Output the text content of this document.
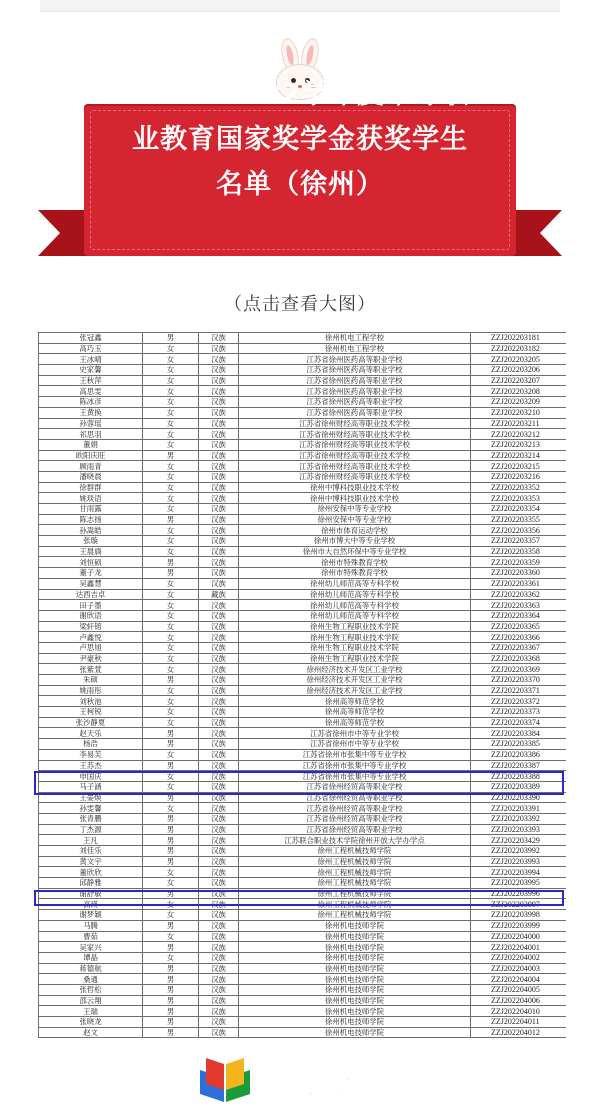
2021-2022学年度中等职
业教育国家奖学金获奖学生
名单（徐州）
（点击查看大图）
张冠鑫	男	汉族	徐州机电工程学校	ZZJ202203181
高巧玉	女	汉族	徐州机电工程学校	ZZJ202203182
王冰晴	女	汉族	江苏省徐州医药高等职业学校	ZZJ202203205
史家馨	女	汉族	江苏省徐州医药高等职业学校	ZZJ202203206
王秋萍	女	汉族	江苏省徐州医药高等职业学校	ZZJ202203207
高思雯	女	汉族	江苏省徐州医药高等职业学校	ZZJ202203208
陈冰彦	女	汉族	江苏省徐州医药高等职业学校	ZZJ202203209
王黄换	女	汉族	江苏省徐州医药高等职业学校	ZZJ202203210
孙蓉瑶	女	汉族	江苏省徐州财经高等职业技术学校	ZZJ202203211
祁思羽	女	汉族	江苏省徐州财经高等职业技术学校	ZZJ202203212
董娟	女	汉族	江苏省徐州财经高等职业技术学校	ZZJ202203213
欧阳庆旺	男	汉族	江苏省徐州财经高等职业技术学校	ZZJ202203214
顾雨青	女	汉族	江苏省徐州财经高等职业技术学校	ZZJ202203215
潘晓晨	女	汉族	江苏省徐州财经高等职业技术学校	ZZJ202203216
徐群群	女	汉族	徐州中博科技职业技术学校	ZZJ202203352
姚琰语	女	汉族	徐州中博科技职业技术学校	ZZJ202203353
甘雨露	女	汉族	徐州安保中等专业学校	ZZJ202203354
陈志扬	男	汉族	徐州安保中等专业学校	ZZJ202203355
孙嵩皓	女	汉族	徐州市体育运动学校	ZZJ202203356
张璇	女	汉族	徐州市博大中等专业学校	ZZJ202203357
王晨旖	女	汉族	徐州市大自然环保中等专业学校	ZZJ202203358
刘恒硕	男	汉族	徐州市特殊教育学校	ZZJ202203359
董子龙	男	汉族	徐州市特殊教育学校	ZZJ202203360
吴鑫慧	女	汉族	徐州幼儿师范高等专科学校	ZZJ202203361
达西吉卓	女	藏族	徐州幼儿师范高等专科学校	ZZJ202203362
田子墨	女	汉族	徐州幼儿师范高等专科学校	ZZJ202203363
谢欣语	女	汉族	徐州幼儿师范高等专科学校	ZZJ202203364
梁轩镕	女	汉族	徐州生物工程职业技术学院	ZZJ202203365
卢鑫悦	女	汉族	徐州生物工程职业技术学院	ZZJ202203366
卢思旭	女	汉族	徐州生物工程职业技术学院	ZZJ202203367
尹豪秋	女	汉族	徐州生物工程职业技术学院	ZZJ202203368
张紫萱	女	汉族	徐州经济技术开发区工业学校	ZZJ202203369
朱硕	男	汉族	徐州经济技术开发区工业学校	ZZJ202203370
姚雨彤	女	汉族	徐州经济技术开发区工业学校	ZZJ202203371
刘秋池	女	汉族	徐州高等师范学校	ZZJ202203372
王柯锐	女	汉族	徐州高等师范学校	ZZJ202203373
张沙静夏	女	汉族	徐州高等师范学校	ZZJ202203374
赵天乐	男	汉族	江苏省徐州市中等专业学校	ZZJ202203384
杨浩	男	汉族	江苏省徐州市中等专业学校	ZZJ202203385
李易芙	女	汉族	江苏省徐州市张集中等专业学校	ZZJ202203386
王苏杰	男	汉族	江苏省徐州市张集中等专业学校	ZZJ202203387
申国庆	女	汉族	江苏省徐州市张集中等专业学校	ZZJ202203388
马子涵	女	汉族	江苏省徐州经贸高等职业学校	ZZJ202203389
王晏焕	男	汉族	江苏省徐州经贸高等职业学校	ZZJ202203390
孙雯馨	女	汉族	江苏省徐州经贸高等职业学校	ZZJ202203391
张青鹏	男	汉族	江苏省徐州经贸高等职业学校	ZZJ202203392
丁杰源	男	汉族	江苏省徐州经贸高等职业学校	ZZJ202203393
王凡	男	汉族	江苏联合职业技术学院徐州开放大学办学点	ZZJ202203429
刘佳乐	男	汉族	徐州工程机械技师学院	ZZJ202203992
黄文宇	男	汉族	徐州工程机械技师学院	ZZJ202203993
董欣欣	女	汉族	徐州工程机械技师学院	ZZJ202203994
邱静雅	女	汉族	徐州工程机械技师学院	ZZJ202203995
谢舒敏	男	汉族	徐州工程机械技师学院	ZZJ202203996
高瑛	女	汉族	徐州工程机械技师学院	ZZJ202203997
谢梦颖	女	汉族	徐州工程机械技师学院	ZZJ202203998
马腾	男	汉族	徐州机电技师学院	ZZJ202203999
曹茹	女	汉族	徐州机电技师学院	ZZJ202204000
吴家兴	男	汉族	徐州机电技师学院	ZZJ202204001
谭晶	女	汉族	徐州机电技师学院	ZZJ202204002
蒋德航	男	汉族	徐州机电技师学院	ZZJ202204003
桑通	男	汉族	徐州机电技师学院	ZZJ202204004
张哲松	男	汉族	徐州机电技师学院	ZZJ202204005
邵云翔	男	汉族	徐州机电技师学院	ZZJ202204006
王瑞	男	汉族	徐州机电技师学院	ZZJ202204010
张晓龙	男	汉族	徐州机电技师学院	ZZJ202204011
赵文	男	汉族	徐州机电技师学院	ZZJ202204012
彭城教育网
